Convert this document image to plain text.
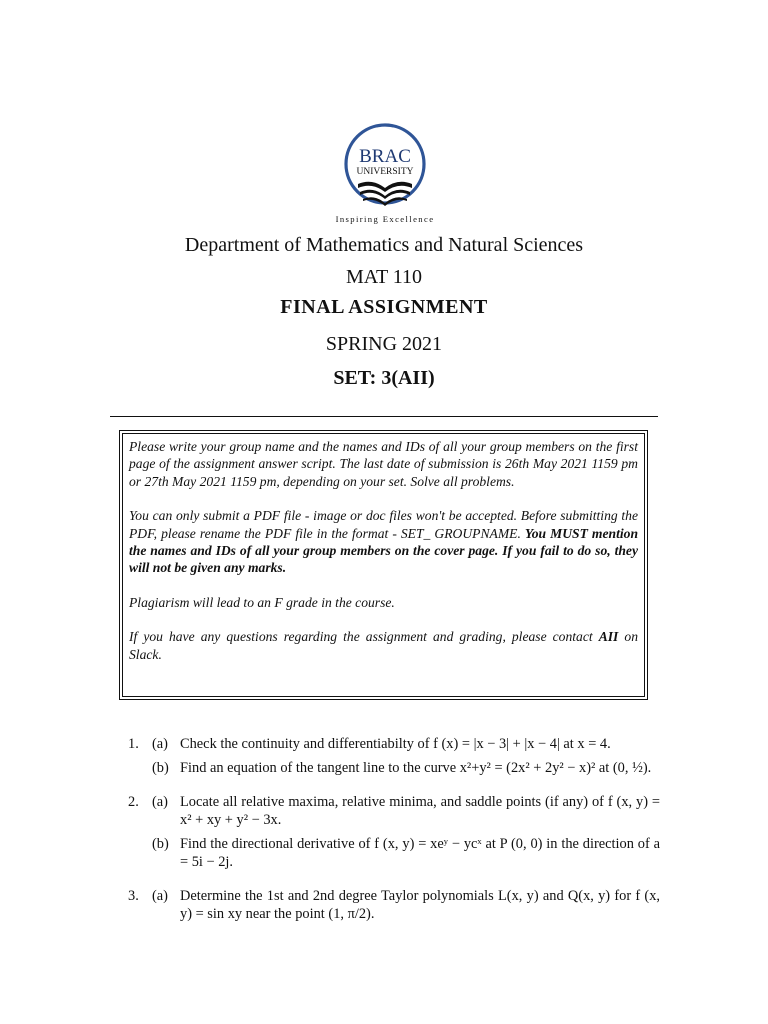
BRAC
UNIVERSITY
Inspiring Excellence
Department of Mathematics and Natural Sciences
MAT 110
FINAL ASSIGNMENT
SPRING 2021
SET: 3(AII)

Please write your group name and the names and IDs of all your group members on the first page of the assignment answer script. The last date of submission is 26th May 2021 1159 pm or 27th May 2021 1159 pm, depending on your set. Solve all problems.

You can only submit a PDF file - image or doc files won't be accepted. Before submitting the PDF, please rename the PDF file in the format - SET_ GROUPNAME. You MUST mention the names and IDs of all your group members on the cover page. If you fail to do so, they will not be given any marks.

Plagiarism will lead to an F grade in the course.

If you have any questions regarding the assignment and grading, please contact AII on Slack.

1. (a) Check the continuity and differentiabilty of f (x) = |x − 3| + |x − 4| at x = 4.
(b) Find an equation of the tangent line to the curve x²+y² = (2x² + 2y² − x)² at (0, ½).
2. (a) Locate all relative maxima, relative minima, and saddle points (if any) of f (x, y) = x² + xy + y² − 3x.
(b) Find the directional derivative of f (x, y) = xeʸ − ycˣ at P (0, 0) in the direction of a = 5i − 2j.
3. (a) Determine the 1st and 2nd degree Taylor polynomials L(x, y) and Q(x, y) for f (x, y) = sin xy near the point (1, π/2).
